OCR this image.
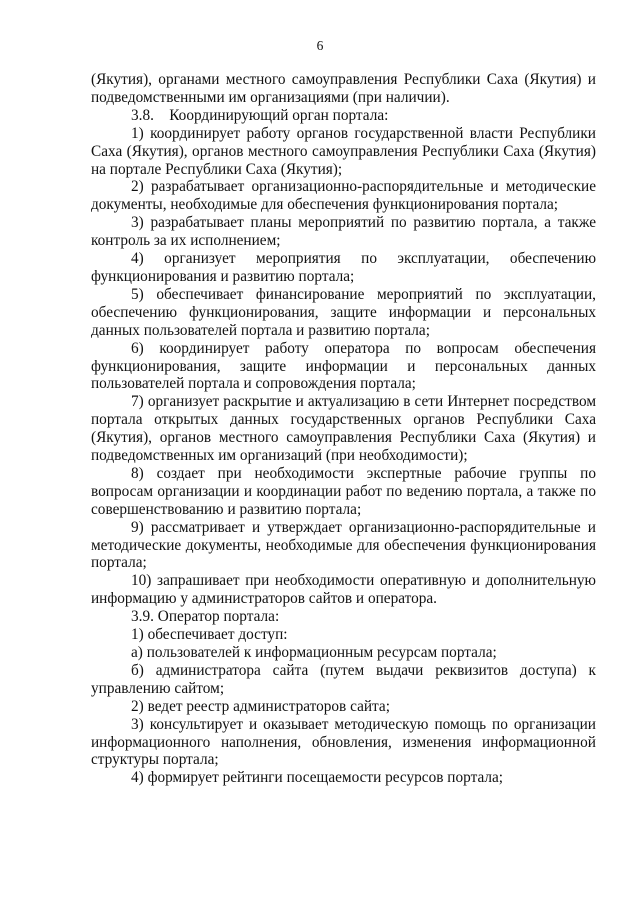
6

(Якутия), органами местного самоуправления Республики Саха (Якутия) и подведомственными им организациями (при наличии).

3.8.    Координирующий орган портала:

1) координирует работу органов государственной власти Республики Саха (Якутия), органов местного самоуправления Республики Саха (Якутия) на портале Республики Саха (Якутия);

2) разрабатывает организационно-распорядительные и методические документы, необходимые для обеспечения функционирования портала;

3) разрабатывает планы мероприятий по развитию портала, а также контроль за их исполнением;

4) организует мероприятия по эксплуатации, обеспечению функционирования и развитию портала;

5) обеспечивает финансирование мероприятий по эксплуатации, обеспечению функционирования, защите информации и персональных данных пользователей портала и развитию портала;

6) координирует работу оператора по вопросам обеспечения функционирования, защите информации и персональных данных пользователей портала и сопровождения портала;

7) организует раскрытие и актуализацию в сети Интернет посредством портала открытых данных государственных органов Республики Саха (Якутия), органов местного самоуправления Республики Саха (Якутия) и подведомственных им организаций (при необходимости);

8) создает при необходимости экспертные рабочие группы по вопросам организации и координации работ по ведению портала, а также по совершенствованию и развитию портала;

9) рассматривает и утверждает организационно-распорядительные и методические документы, необходимые для обеспечения функционирования портала;

10) запрашивает при необходимости оперативную и дополнительную информацию у администраторов сайтов и оператора.

3.9. Оператор портала:

1) обеспечивает доступ:

а) пользователей к информационным ресурсам портала;

б) администратора сайта (путем выдачи реквизитов доступа) к управлению сайтом;

2) ведет реестр администраторов сайта;

3) консультирует и оказывает методическую помощь по организации информационного наполнения, обновления, изменения информационной структуры портала;

4) формирует рейтинги посещаемости ресурсов портала;
